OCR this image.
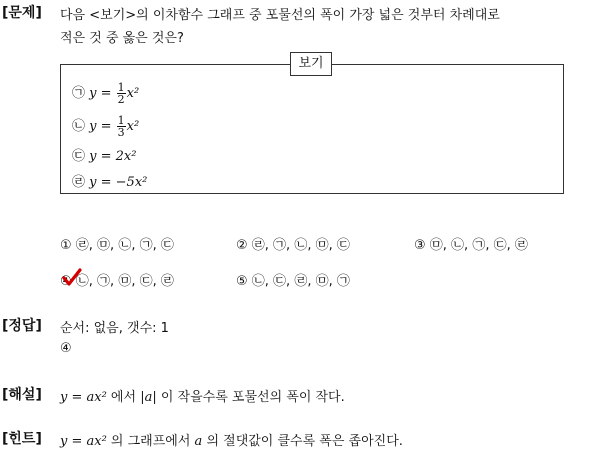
[문제] 다음 <보기>의 이차함수 그래프 중 포물선의 폭이 가장 넓은 것부터 차례대로
적은 것 중 옳은 것은?
보기
㉠ $y = \frac{1}{2} x^2$
㉡ $y = \frac{1}{3} x^2$
㉢ y = 2x²
㉣ y = −5x²
① ㉣, ㉤, ㉡, ㉠, ㉢	② ㉣, ㉠, ㉡, ㉤, ㉢	③ ㉤, ㉡, ㉠, ㉢, ㉣
④ ㉡, ㉠, ㉤, ㉢, ㉣	⑤ ㉡, ㉢, ㉣, ㉤, ㉠
[정답] 순서: 없음, 갯수: 1
④
[해설] y = ax² 에서 |a| 이 작을수록 포물선의 폭이 작다.
[힌트] y = ax² 의 그래프에서 a 의 절댓값이 클수록 폭은 좁아진다.
